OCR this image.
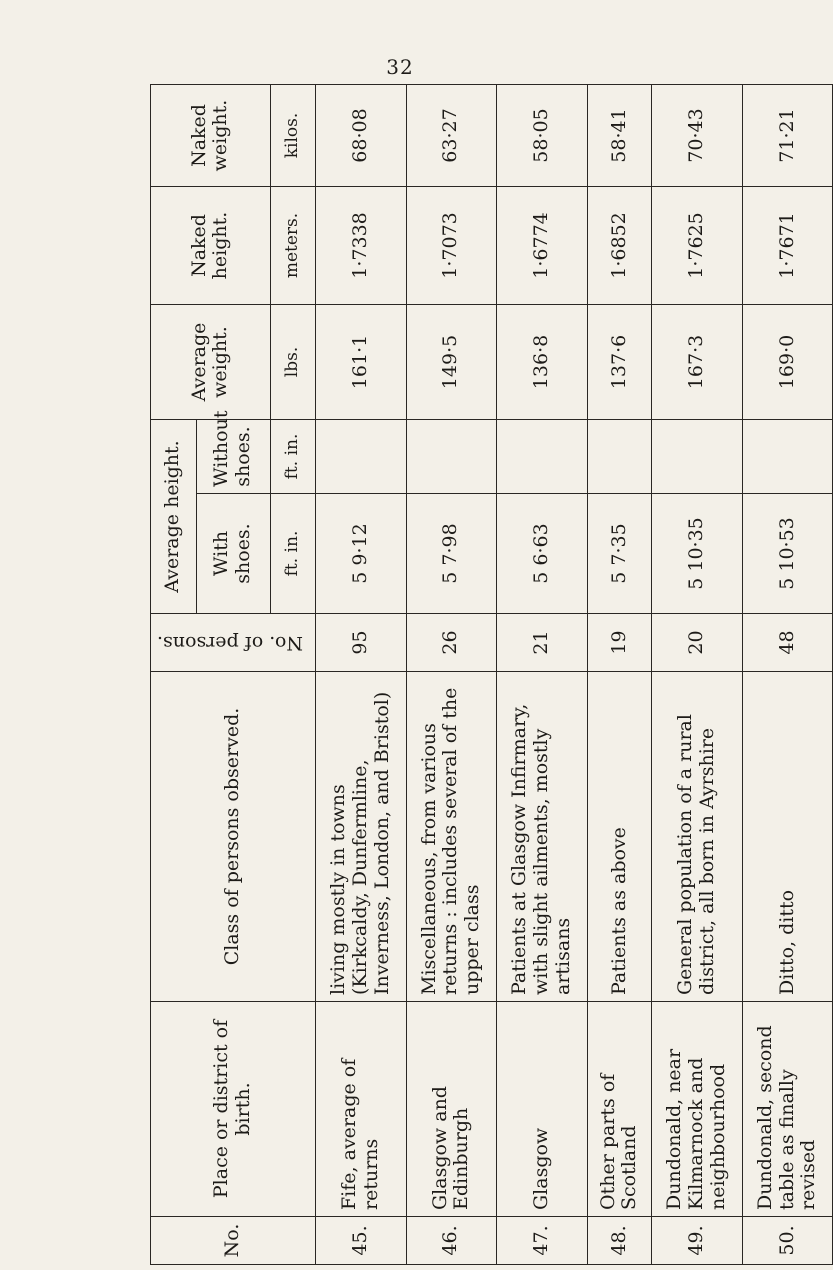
32
No.	Place or district of birth.	Class of persons observed.	No. of persons.	Average height.		Average weight.	Naked height.	Naked weight.
				With shoes.	Without shoes.			
				ft. in.	ft. in.	lbs.	meters.	kilos.
45.	Fife, average of returns	living mostly in towns (Kirkcaldy, Dunfermline, Inverness, London, and Bristol)	95	5 9·12		161·1	1·7338	68·08
46.	Glasgow and Edinburgh	Miscellaneous, from various returns : includes several of the upper class	26	5 7·98		149·5	1·7073	63·27
47.	Glasgow	Patients at Glasgow Infirmary, with slight ailments, mostly artisans	21	5 6·63		136·8	1·6774	58·05
48.	Other parts of Scotland	Patients as above	19	5 7·35		137·6	1·6852	58·41
49.	Dundonald, near Kilmarnock and neighbourhood	General population of a rural district, all born in Ayrshire	20	5 10·35		167·3	1·7625	70·43
50.	Dundonald, second table as finally revised	Ditto, ditto	48	5 10·53		169·0	1·7671	71·21
